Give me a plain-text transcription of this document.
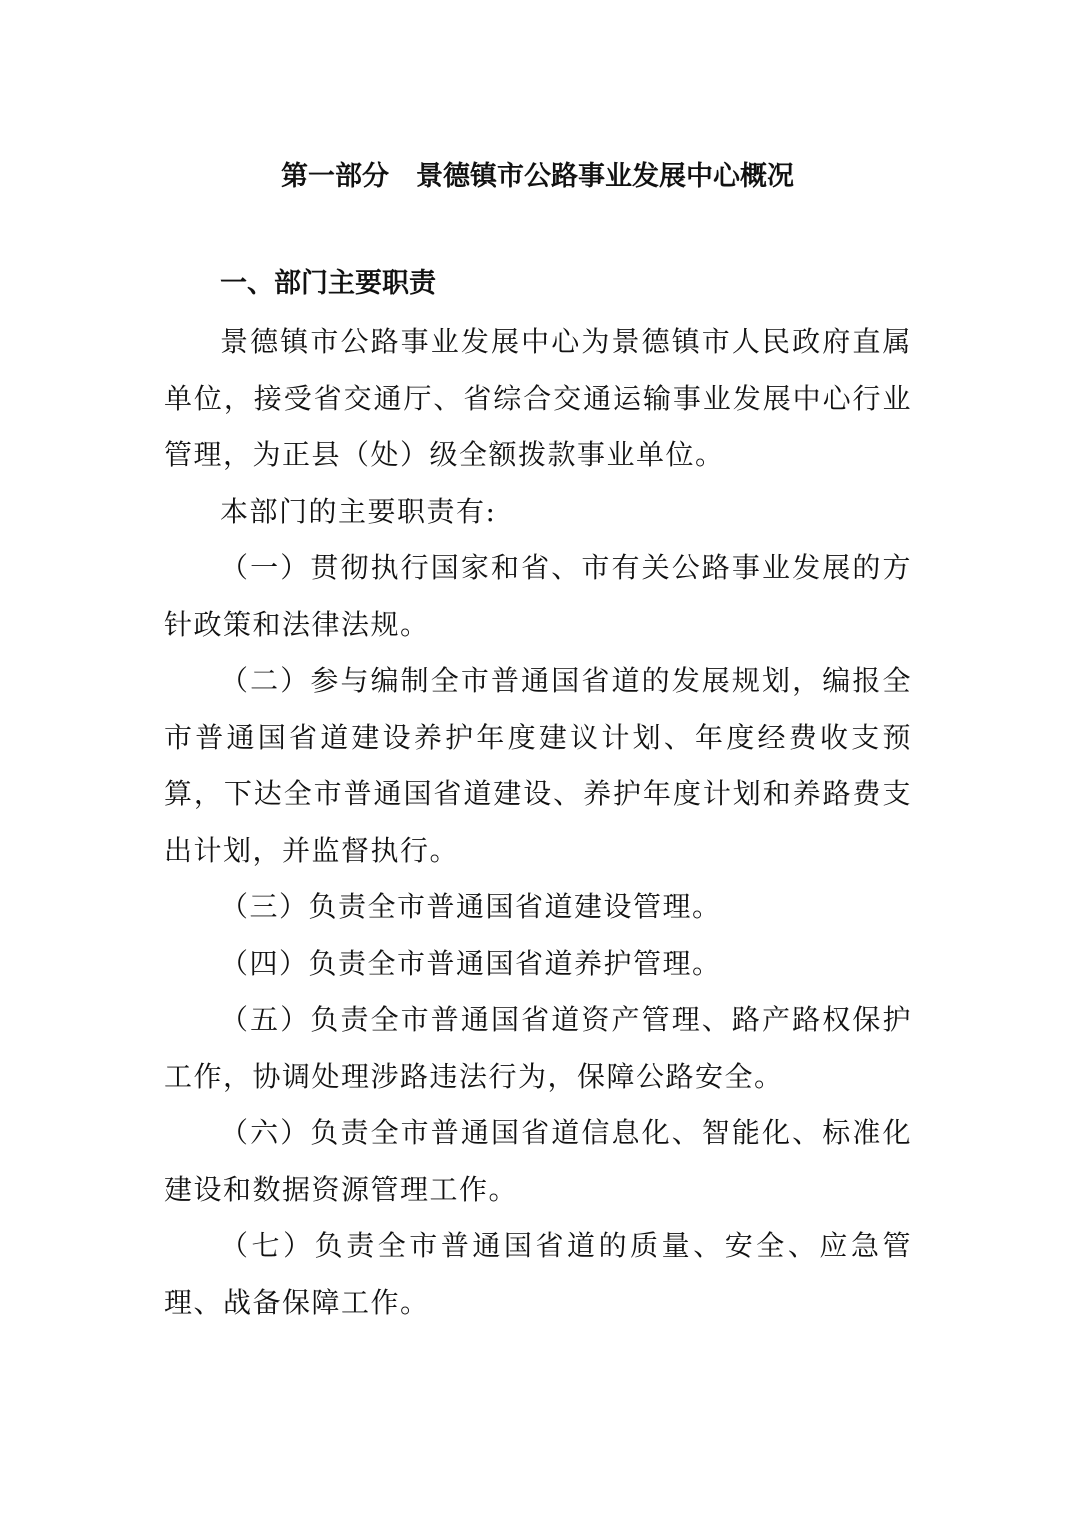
第一部分　景德镇市公路事业发展中心概况
一、部门主要职责

景德镇市公路事业发展中心为景德镇市人民政府直属单位，接受省交通厅、省综合交通运输事业发展中心行业管理，为正县（处）级全额拨款事业单位。

本部门的主要职责有:

（一）贯彻执行国家和省、市有关公路事业发展的方针政策和法律法规。

（二）参与编制全市普通国省道的发展规划，编报全市普通国省道建设养护年度建议计划、年度经费收支预算，下达全市普通国省道建设、养护年度计划和养路费支出计划，并监督执行。

（三）负责全市普通国省道建设管理。

（四）负责全市普通国省道养护管理。

（五）负责全市普通国省道资产管理、路产路权保护工作，协调处理涉路违法行为，保障公路安全。

（六）负责全市普通国省道信息化、智能化、标准化建设和数据资源管理工作。

（七）负责全市普通国省道的质量、安全、应急管理、战备保障工作。
